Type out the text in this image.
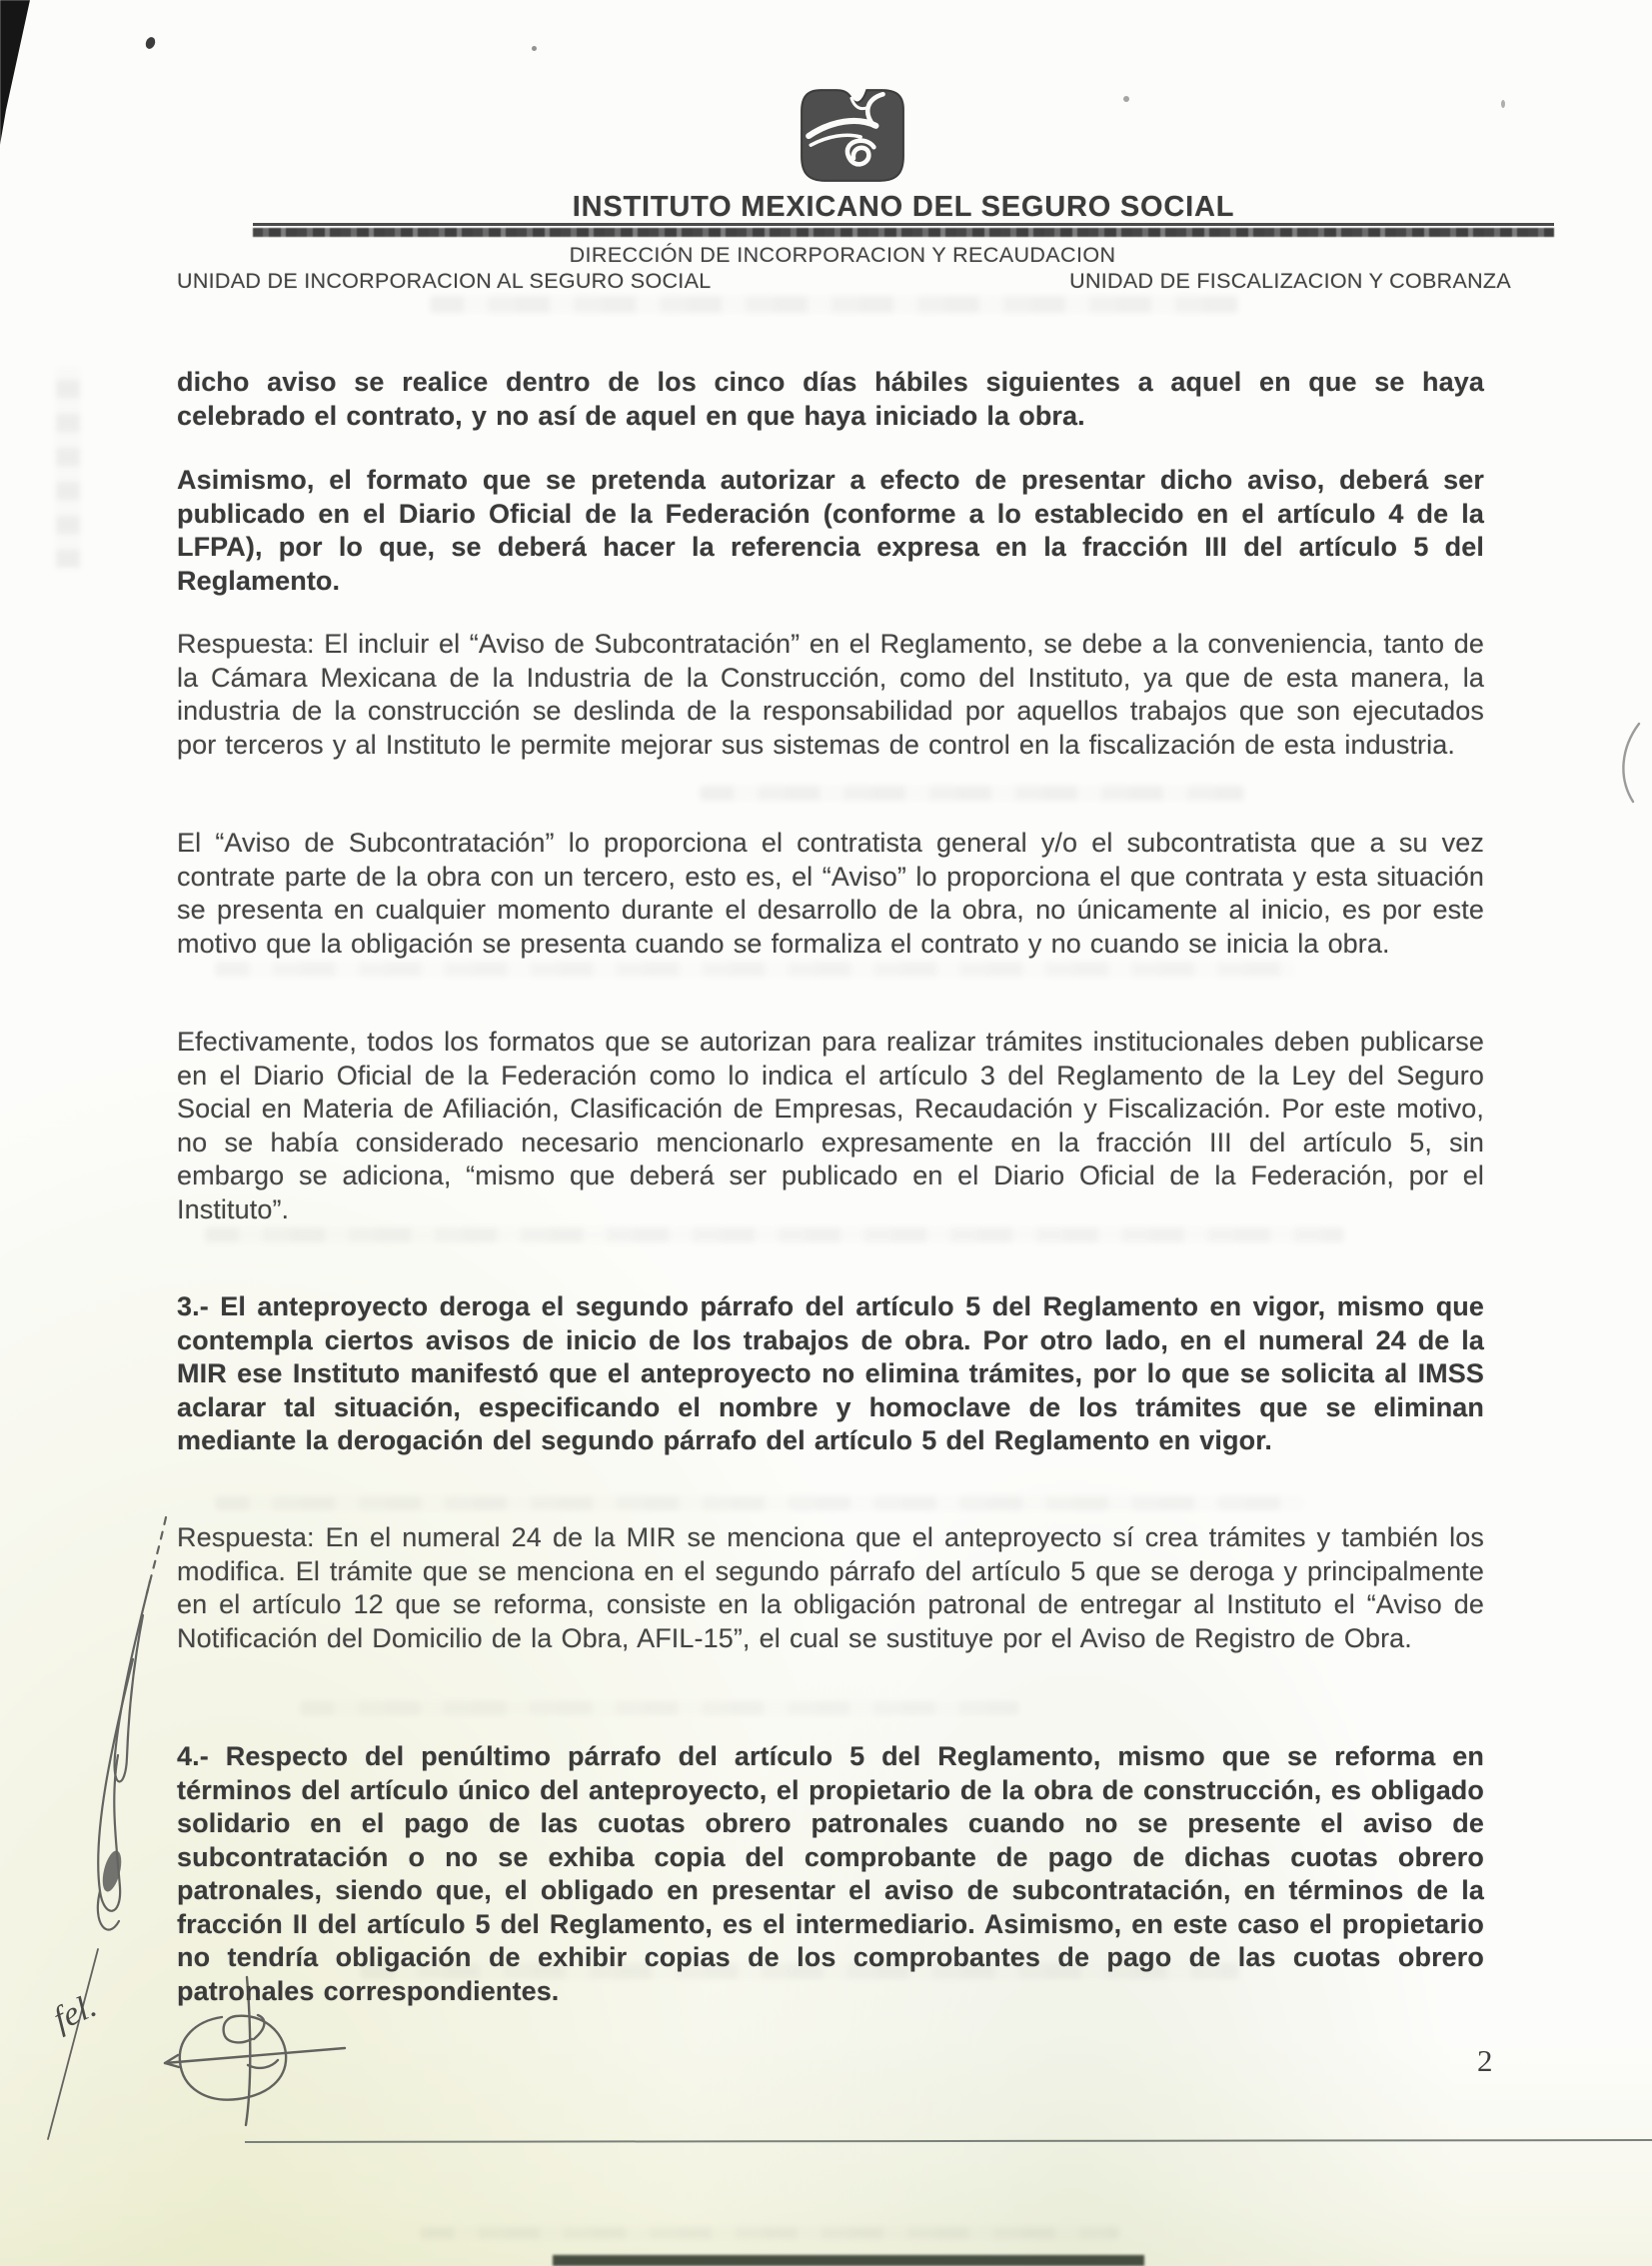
INSTITUTO MEXICANO DEL SEGURO SOCIAL
DIRECCIÓN DE INCORPORACION Y RECAUDACION
UNIDAD DE INCORPORACION AL SEGURO SOCIAL	UNIDAD DE FISCALIZACION Y COBRANZA
dicho aviso se realice dentro de los cinco días hábiles siguientes a aquel en que se haya celebrado el contrato, y no así de aquel en que haya iniciado la obra.
Asimismo, el formato que se pretenda autorizar a efecto de presentar dicho aviso, deberá ser publicado en el Diario Oficial de la Federación (conforme a lo establecido en el artículo 4 de la LFPA), por lo que, se deberá hacer la referencia expresa en la fracción III del artículo 5 del Reglamento.
Respuesta: El incluir el “Aviso de Subcontratación” en el Reglamento, se debe a la conveniencia, tanto de la Cámara Mexicana de la Industria de la Construcción, como del Instituto, ya que de esta manera, la industria de la construcción se deslinda de la responsabilidad por aquellos trabajos que son ejecutados por terceros y al Instituto le permite mejorar sus sistemas de control en la fiscalización de esta industria.
El “Aviso de Subcontratación” lo proporciona el contratista general y/o el subcontratista que a su vez contrate parte de la obra con un tercero, esto es, el “Aviso” lo proporciona el que contrata y esta situación se presenta en cualquier momento durante el desarrollo de la obra, no únicamente al inicio, es por este motivo que la obligación se presenta cuando se formaliza el contrato y no cuando se inicia la obra.
Efectivamente, todos los formatos que se autorizan para realizar trámites institucionales deben publicarse en el Diario Oficial de la Federación como lo indica el artículo 3 del Reglamento de la Ley del Seguro Social en Materia de Afiliación, Clasificación de Empresas, Recaudación y Fiscalización. Por este motivo, no se había considerado necesario mencionarlo expresamente en la fracción III del artículo 5, sin embargo se adiciona, “mismo que deberá ser publicado en el Diario Oficial de la Federación, por el Instituto”.
3.- El anteproyecto deroga el segundo párrafo del artículo 5 del Reglamento en vigor, mismo que contempla ciertos avisos de inicio de los trabajos de obra. Por otro lado, en el numeral 24 de la MIR ese Instituto manifestó que el anteproyecto no elimina trámites, por lo que se solicita al IMSS aclarar tal situación, especificando el nombre y homoclave de los trámites que se eliminan mediante la derogación del segundo párrafo del artículo 5 del Reglamento en vigor.
Respuesta: En el numeral 24 de la MIR se menciona que el anteproyecto sí crea trámites y también los modifica. El trámite que se menciona en el segundo párrafo del artículo 5 que se deroga y principalmente en el artículo 12 que se reforma, consiste en la obligación patronal de entregar al Instituto el “Aviso de Notificación del Domicilio de la Obra, AFIL-15”, el cual se sustituye por el Aviso de Registro de Obra.
4.- Respecto del penúltimo párrafo del artículo 5 del Reglamento, mismo que se reforma en términos del artículo único del anteproyecto, el propietario de la obra de construcción, es obligado solidario en el pago de las cuotas obrero patronales cuando no se presente el aviso de subcontratación o no se exhiba copia del comprobante de pago de dichas cuotas obrero patronales, siendo que, el obligado en presentar el aviso de subcontratación, en términos de la fracción II del artículo 5 del Reglamento, es el intermediario. Asimismo, en este caso el propietario no tendría obligación de exhibir copias de los comprobantes de pago de las cuotas obrero patronales correspondientes.
fel.
2
